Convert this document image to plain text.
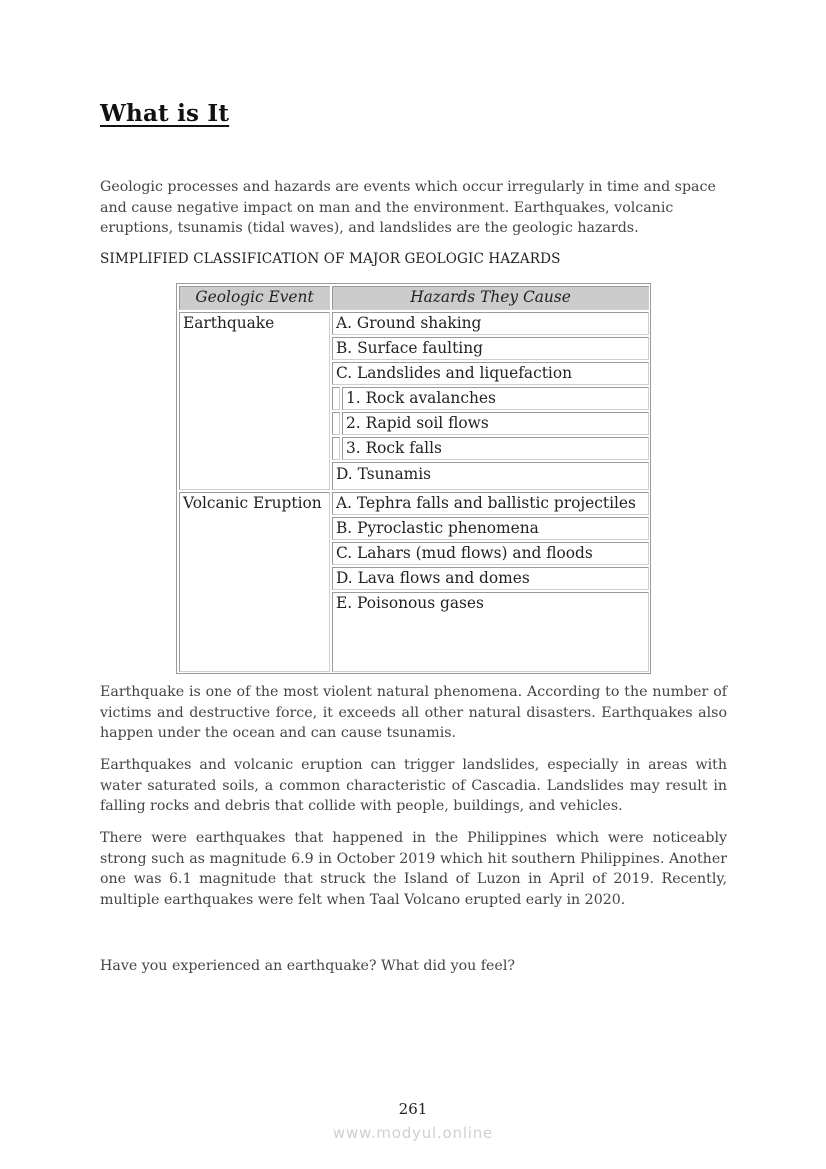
What is It

Geologic processes and hazards are events which occur irregularly in time and space and cause negative impact on man and the environment. Earthquakes, volcanic eruptions, tsunamis (tidal waves), and landslides are the geologic hazards.

SIMPLIFIED CLASSIFICATION OF MAJOR GEOLOGIC HAZARDS

Geologic Event	Hazards They Cause
Earthquake	A. Ground shaking
B. Surface faulting
C. Landslides and liquefaction
1. Rock avalanches
2. Rapid soil flows
3. Rock falls
D. Tsunamis
Volcanic Eruption A. Tephra falls and ballistic projectiles
B. Pyroclastic phenomena
C. Lahars (mud flows) and floods
D. Lava flows and domes
E. Poisonous gases

Earthquake is one of the most violent natural phenomena. According to the number of victims and destructive force, it exceeds all other natural disasters. Earthquakes also happen under the ocean and can cause tsunamis.

Earthquakes and volcanic eruption can trigger landslides, especially in areas with water saturated soils, a common characteristic of Cascadia. Landslides may result in falling rocks and debris that collide with people, buildings, and vehicles.

There were earthquakes that happened in the Philippines which were noticeably strong such as magnitude 6.9 in October 2019 which hit southern Philippines. Another one was 6.1 magnitude that struck the Island of Luzon in April of 2019. Recently, multiple earthquakes were felt when Taal Volcano erupted early in 2020.

Have you experienced an earthquake? What did you feel?

261

www.modyul.online
